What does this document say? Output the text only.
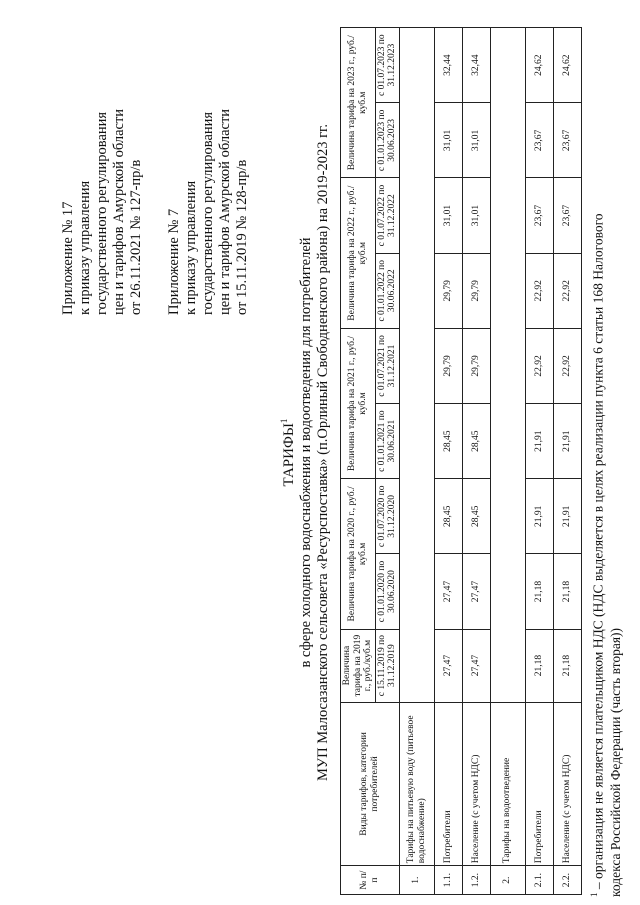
Приложение № 17 к приказу управления государственного регулирования цен и тарифов Амурской области от 26.11.2021 № 127-пр/в Приложение № 7 к приказу управления государственного регулирования цен и тарифов Амурской области от 15.11.2019 № 128-пр/в
ТАРИФЫ$^1$ в сфере холодного водоснабжения и водоотведения для потребителей МУП Малосазанского сельсовета «Ресурспоставка» (п.Орлиный Свободненского района) на 2019-2023 гг.
№ п/п	Виды тарифов, категории потребителей	Величина тарифа на 2019 г., руб./куб.м	Величина тарифа на 2020 г., руб./куб.м		Величина тарифа на 2021 г., руб./куб.м		Величина тарифа на 2022 г., руб./куб.м		Величина тарифа на 2023 г., руб./куб.м	
		с 15.11.2019 по 31.12.2019	с 01.01.2020 по 30.06.2020	с 01.07.2020 по 31.12.2020	с 01.01.2021 по 30.06.2021	с 01.07.2021 по 31.12.2021	с 01.01.2022 по 30.06.2022	с 01.07.2022 по 31.12.2022	с 01.01.2023 по 30.06.2023	с 01.07.2023 по 31.12.2023
1.	Тарифы на питьевую воду (питьевое водоснабжение)									
1.1.	Потребители	27,47	27,47	28,45	28,45	29,79	29,79	31,01	31,01	32,44
1.2.	Население (с учетом НДС)	27,47	27,47	28,45	28,45	29,79	29,79	31,01	31,01	32,44
2.	Тарифы на водоотведение									
2.1.	Потребители	21,18	21,18	21,91	21,91	22,92	22,92	23,67	23,67	24,62
2.2.	Население (с учетом НДС)	21,18	21,18	21,91	21,91	22,92	22,92	23,67	23,67	24,62
$^1$ – организация не является плательщиком НДС (НДС выделяется в целях реализации пункта 6 статьи 168 Налогового кодекса Российской Федерации (часть вторая))
